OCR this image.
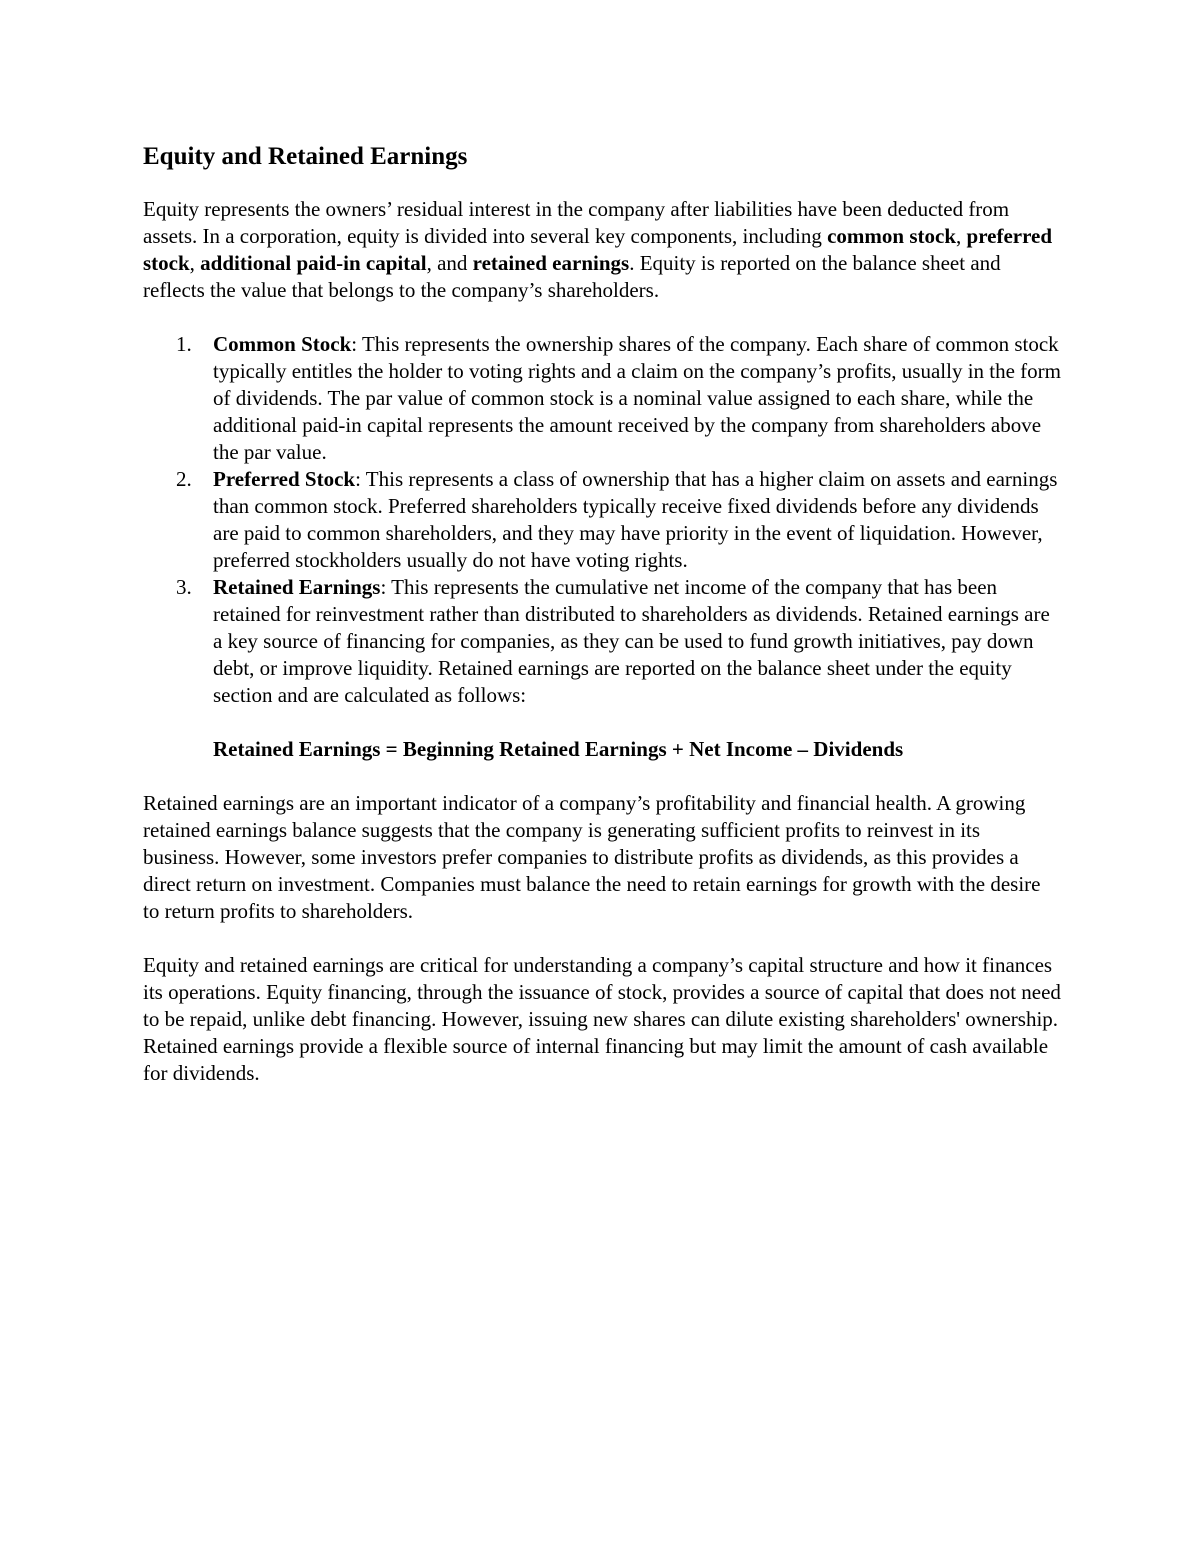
Equity and Retained Earnings

Equity represents the owners’ residual interest in the company after liabilities have been deducted from assets. In a corporation, equity is divided into several key components, including common stock, preferred stock, additional paid-in capital, and retained earnings. Equity is reported on the balance sheet and reflects the value that belongs to the company’s shareholders.

1. Common Stock: This represents the ownership shares of the company. Each share of common stock typically entitles the holder to voting rights and a claim on the company’s profits, usually in the form of dividends. The par value of common stock is a nominal value assigned to each share, while the additional paid-in capital represents the amount received by the company from shareholders above the par value.
2. Preferred Stock: This represents a class of ownership that has a higher claim on assets and earnings than common stock. Preferred shareholders typically receive fixed dividends before any dividends are paid to common shareholders, and they may have priority in the event of liquidation. However, preferred stockholders usually do not have voting rights.
3. Retained Earnings: This represents the cumulative net income of the company that has been retained for reinvestment rather than distributed to shareholders as dividends. Retained earnings are a key source of financing for companies, as they can be used to fund growth initiatives, pay down debt, or improve liquidity. Retained earnings are reported on the balance sheet under the equity section and are calculated as follows:
Retained Earnings = Beginning Retained Earnings + Net Income – Dividends

Retained earnings are an important indicator of a company’s profitability and financial health. A growing retained earnings balance suggests that the company is generating sufficient profits to reinvest in its business. However, some investors prefer companies to distribute profits as dividends, as this provides a direct return on investment. Companies must balance the need to retain earnings for growth with the desire to return profits to shareholders.

Equity and retained earnings are critical for understanding a company’s capital structure and how it finances its operations. Equity financing, through the issuance of stock, provides a source of capital that does not need to be repaid, unlike debt financing. However, issuing new shares can dilute existing shareholders' ownership. Retained earnings provide a flexible source of internal financing but may limit the amount of cash available for dividends.
